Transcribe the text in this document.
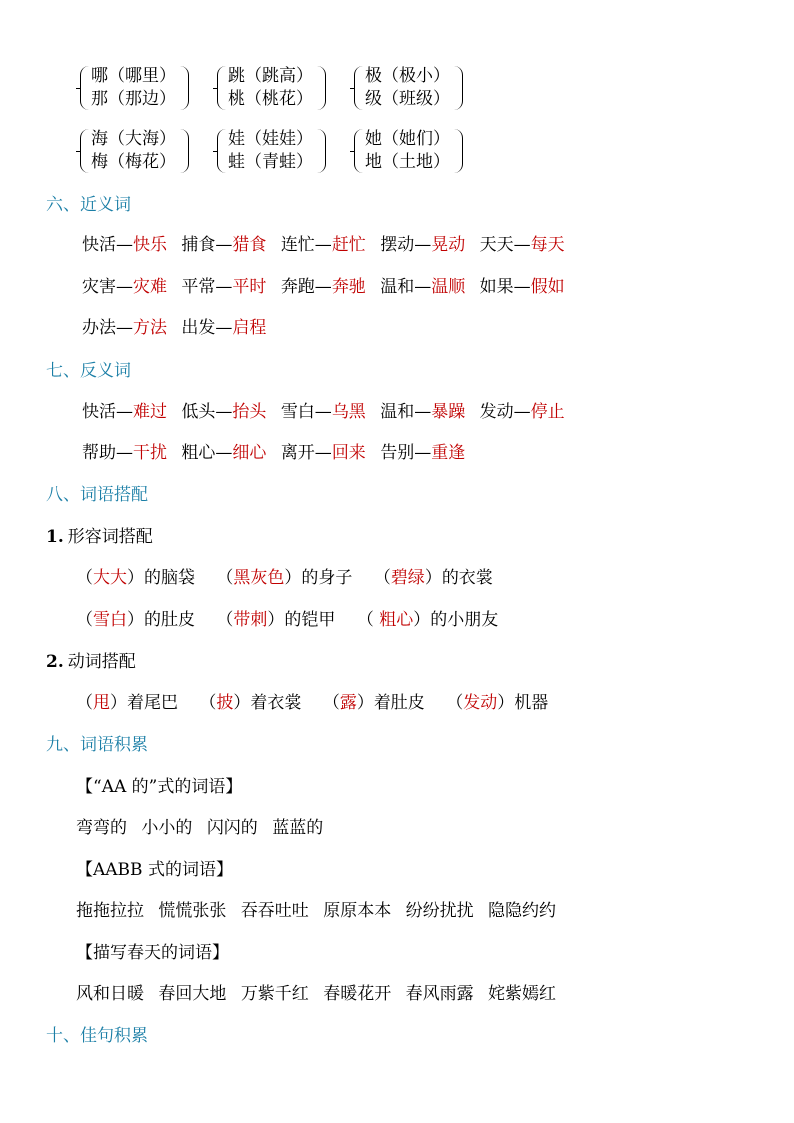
哪（哪里）
那（那边）
跳（跳高）
桃（桃花）
极（极小）
级（班级）
海（大海）
梅（梅花）
娃（娃娃）
蛙（青蛙）
她（她们）
地（土地）
六、近义词
快活—快乐 捕食—猎食 连忙—赶忙 摆动—晃动 天天—每天
灾害—灾难 平常—平时 奔跑—奔驰 温和—温顺 如果—假如
办法—方法 出发—启程
七、反义词
快活—难过 低头—抬头 雪白—乌黑 温和—暴躁 发动—停止
帮助—干扰 粗心—细心 离开—回来 告别—重逢
八、词语搭配
1. 形容词搭配
（大大）的脑袋 （黑灰色）的身子 （碧绿）的衣裳
（雪白）的肚皮 （带刺）的铠甲 （ 粗心）的小朋友
2. 动词搭配
（甩）着尾巴 （披）着衣裳 （露）着肚皮 （发动）机器
九、词语积累
【“AA 的”式的词语】
弯弯的 小小的 闪闪的 蓝蓝的
【AABB 式的词语】
拖拖拉拉 慌慌张张 吞吞吐吐 原原本本 纷纷扰扰 隐隐约约
【描写春天的词语】
风和日暖 春回大地 万紫千红 春暖花开 春风雨露 姹紫嫣红
十、佳句积累
